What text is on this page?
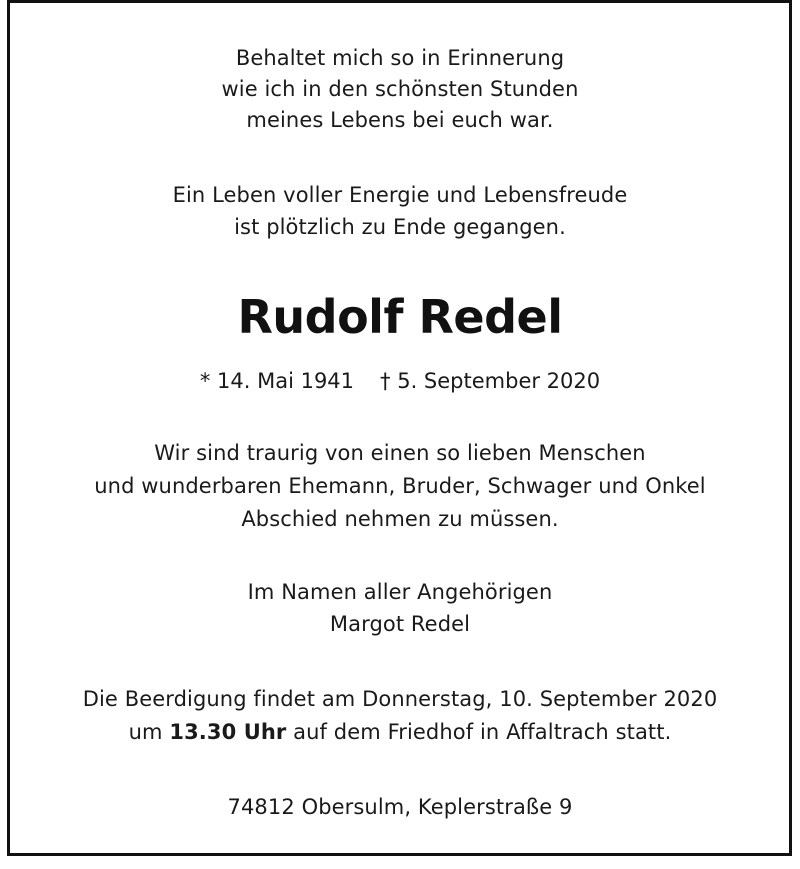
Behaltet mich so in Erinnerung
wie ich in den schönsten Stunden
meines Lebens bei euch war.
Ein Leben voller Energie und Lebensfreude
ist plötzlich zu Ende gegangen.
Rudolf Redel
* 14. Mai 1941 † 5. September 2020
Wir sind traurig von einen so lieben Menschen
und wunderbaren Ehemann, Bruder, Schwager und Onkel
Abschied nehmen zu müssen.
Im Namen aller Angehörigen
Margot Redel
Die Beerdigung findet am Donnerstag, 10. September 2020
um 13.30 Uhr auf dem Friedhof in Affaltrach statt.
74812 Obersulm, Keplerstraße 9
